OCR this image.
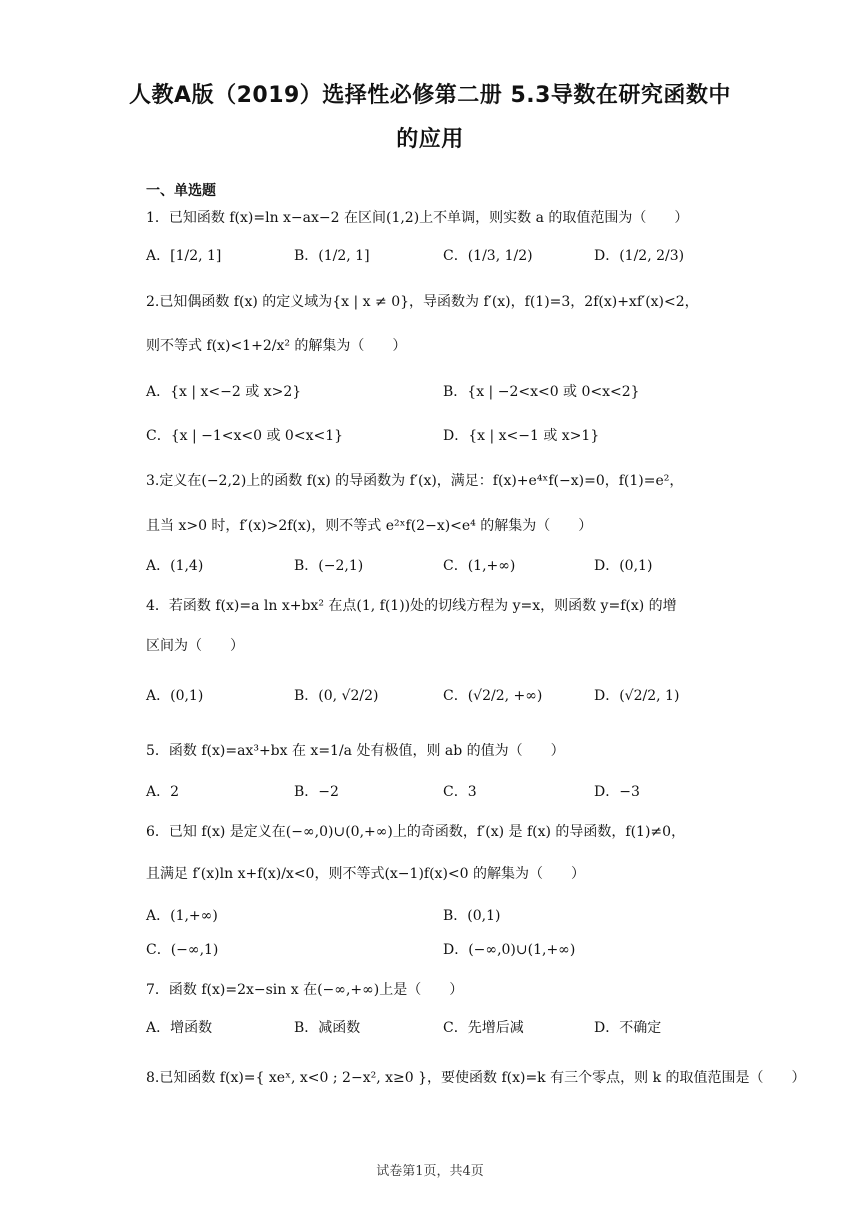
人教A版（2019）选择性必修第二册 5.3导数在研究函数中
的应用
一、单选题
1．已知函数 f(x)=ln x−ax−2 在区间(1,2)上不单调，则实数 a 的取值范围为（　　）
A．[1/2, 1]	B．(1/2, 1]	C．(1/3, 1/2)	D．(1/2, 2/3)
2.已知偶函数 f(x) 的定义域为{x | x ≠ 0}，导函数为 f′(x)，f(1)=3，2f(x)+xf′(x)<2，
则不等式 f(x)<1+2/x² 的解集为（　　）
A．{x | x<−2 或 x>2}	B．{x | −2<x<0 或 0<x<2}
C．{x | −1<x<0 或 0<x<1}	D．{x | x<−1 或 x>1}
3.定义在(−2,2)上的函数 f(x) 的导函数为 f′(x)，满足：f(x)+e⁴ˣf(−x)=0，f(1)=e²，
且当 x>0 时，f′(x)>2f(x)，则不等式 e²ˣf(2−x)<e⁴ 的解集为（　　）
A．(1,4)	B．(−2,1)	C．(1,+∞)	D．(0,1)
4．若函数 f(x)=a ln x+bx² 在点(1, f(1))处的切线方程为 y=x，则函数 y=f(x) 的增
区间为（　　）
A．(0,1)	B．(0, √2/2)	C．(√2/2, +∞)	D．(√2/2, 1)
5．函数 f(x)=ax³+bx 在 x=1/a 处有极值，则 ab 的值为（　　）
A．2	B．−2	C．3	D．−3
6．已知 f(x) 是定义在(−∞,0)∪(0,+∞)上的奇函数，f′(x) 是 f(x) 的导函数，f(1)≠0，
且满足 f′(x)ln x+f(x)/x<0，则不等式(x−1)f(x)<0 的解集为（　　）
A．(1,+∞)	B．(0,1)
C．(−∞,1)	D．(−∞,0)∪(1,+∞)
7．函数 f(x)=2x−sin x 在(−∞,+∞)上是（　　）
A．增函数	B．减函数	C．先增后减	D．不确定
8.已知函数 f(x)={ xeˣ, x<0 ; 2−x², x≥0 }，要使函数 f(x)=k 有三个零点，则 k 的取值范围是（　　）
试卷第1页，共4页
